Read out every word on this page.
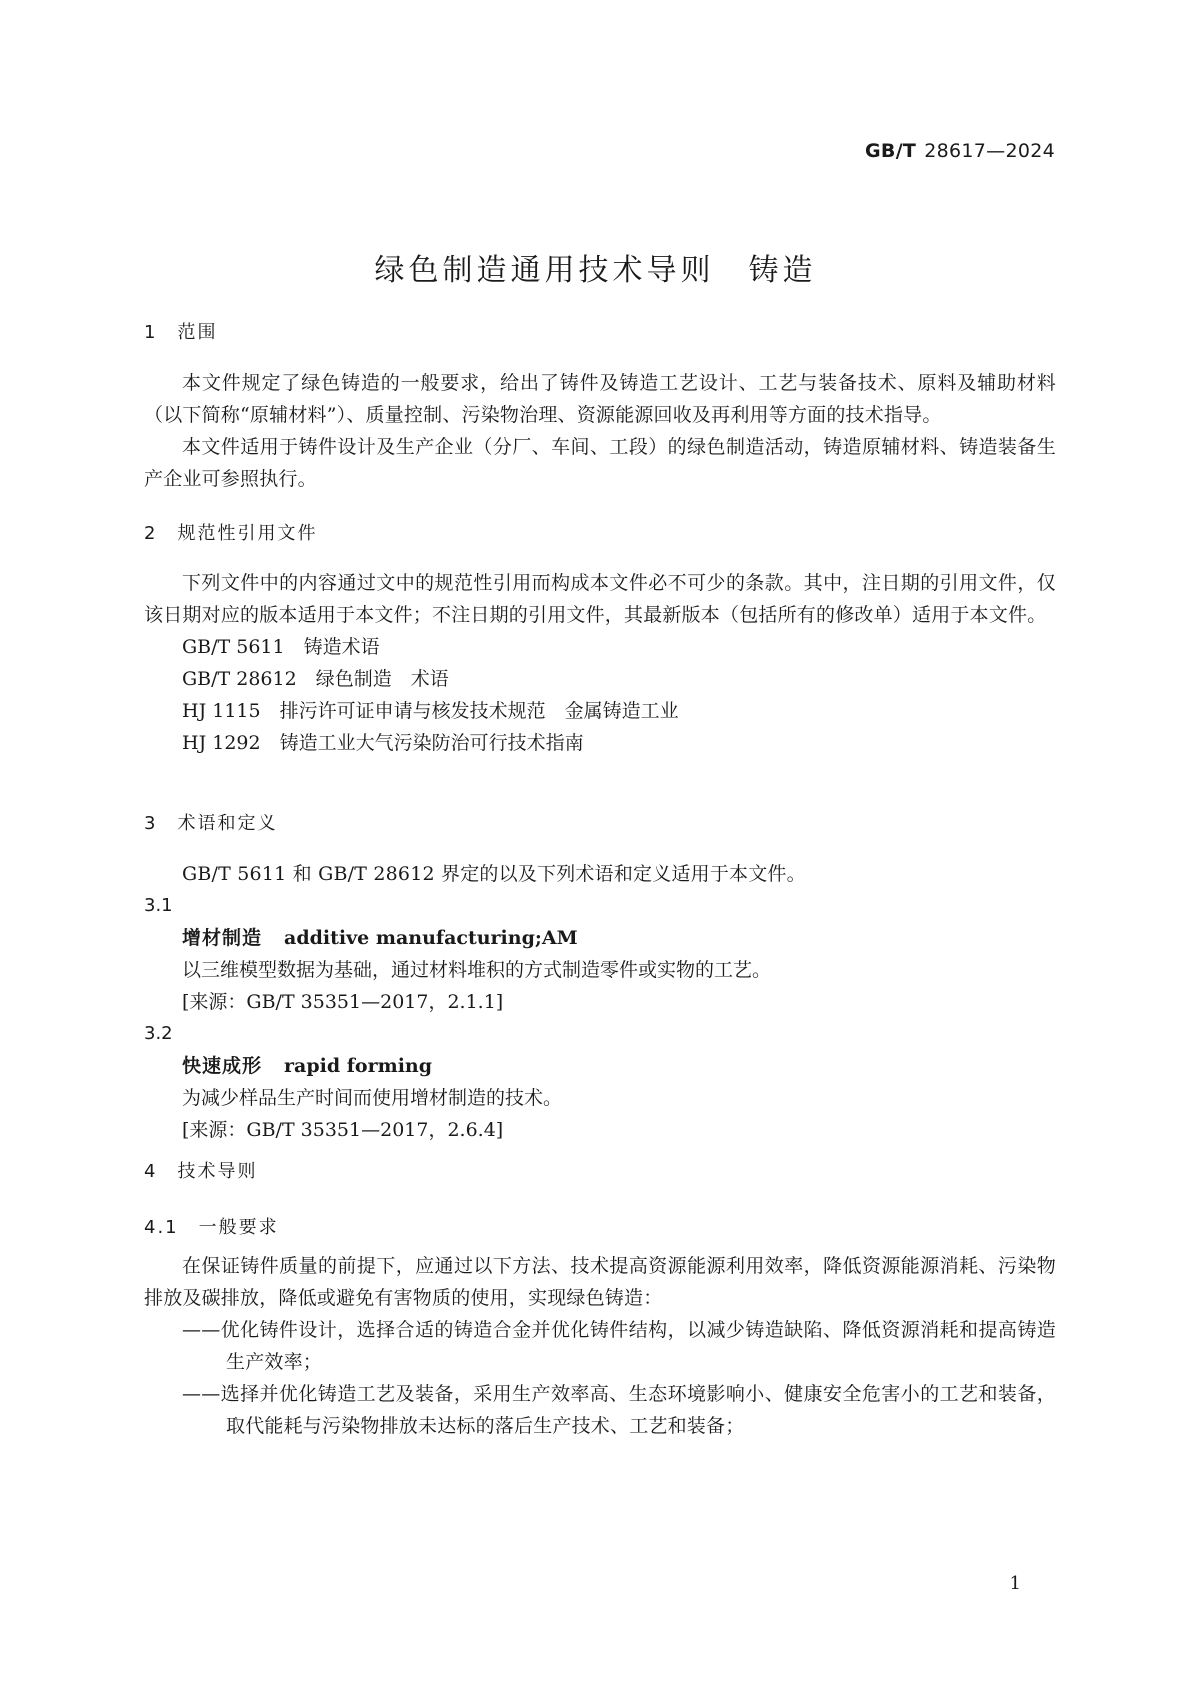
GB/T 28617—2024
绿色制造通用技术导则　铸造
1　范围
本文件规定了绿色铸造的一般要求，给出了铸件及铸造工艺设计、工艺与装备技术、原料及辅助材料（以下简称“原辅材料”）、质量控制、污染物治理、资源能源回收及再利用等方面的技术指导。
本文件适用于铸件设计及生产企业（分厂、车间、工段）的绿色制造活动，铸造原辅材料、铸造装备生产企业可参照执行。
2　规范性引用文件
下列文件中的内容通过文中的规范性引用而构成本文件必不可少的条款。其中，注日期的引用文件，仅该日期对应的版本适用于本文件；不注日期的引用文件，其最新版本（包括所有的修改单）适用于本文件。
GB/T 5611　铸造术语
GB/T 28612　绿色制造　术语
HJ 1115　排污许可证申请与核发技术规范　金属铸造工业
HJ 1292　铸造工业大气污染防治可行技术指南
3　术语和定义
GB/T 5611 和 GB/T 28612 界定的以及下列术语和定义适用于本文件。
3.1
增材制造 additive manufacturing;AM
以三维模型数据为基础，通过材料堆积的方式制造零件或实物的工艺。
[来源：GB/T 35351—2017，2.1.1]
3.2
快速成形 rapid forming
为减少样品生产时间而使用增材制造的技术。
[来源：GB/T 35351—2017，2.6.4]
4　技术导则
4.1　一般要求
在保证铸件质量的前提下，应通过以下方法、技术提高资源能源利用效率，降低资源能源消耗、污染物排放及碳排放，降低或避免有害物质的使用，实现绿色铸造：
——优化铸件设计，选择合适的铸造合金并优化铸件结构，以减少铸造缺陷、降低资源消耗和提高铸造生产效率；
——选择并优化铸造工艺及装备，采用生产效率高、生态环境影响小、健康安全危害小的工艺和装备，取代能耗与污染物排放未达标的落后生产技术、工艺和装备；
1
